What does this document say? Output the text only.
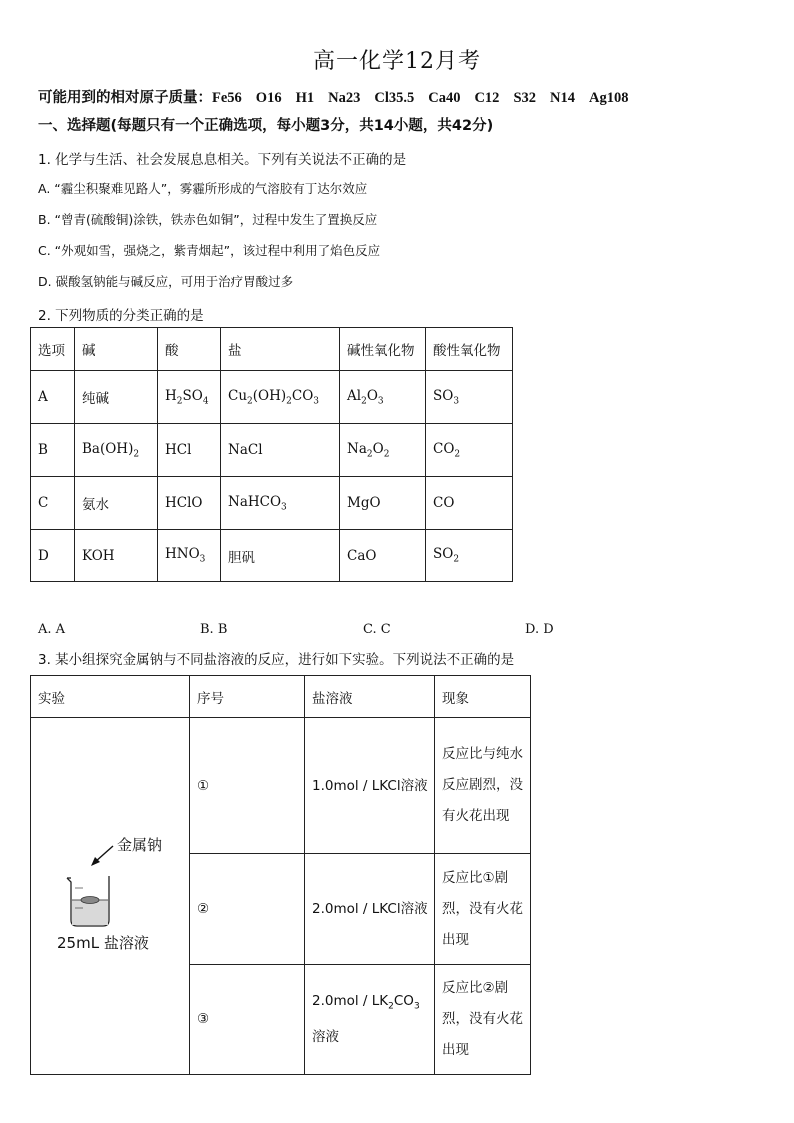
高一化学12月考
可能用到的相对原子质量：Fe56 O16 H1 Na23 Cl35.5 Ca40 C12 S32 N14 Ag108
一、选择题(每题只有一个正确选项，每小题3分，共14小题，共42分)
1. 化学与生活、社会发展息息相关。下列有关说法不正确的是
A. “霾尘积聚难见路人”，雾霾所形成的气溶胶有丁达尔效应
B. “曾青(硫酸铜)涂铁，铁赤色如铜”，过程中发生了置换反应
C. “外观如雪，强烧之，紫青烟起”，该过程中利用了焰色反应
D. 碳酸氢钠能与碱反应，可用于治疗胃酸过多
2. 下列物质的分类正确的是
选项	碱	酸	盐	碱性氧化物	酸性氧化物
A	纯碱	$H_2SO_4$	$Cu_2(OH)_2CO_3$	$Al_2O_3$	$SO_3$
B	$Ba(OH)_2$	HCl	NaCl	$Na_2O_2$	$CO_2$
C	氨水	HClO	NaHCO$_3$	MgO	CO
D	KOH	$HNO_3$	胆矾	CaO	$SO_2$
A. A	B. B	C. C	D. D
3. 某小组探究金属钠与不同盐溶液的反应，进行如下实验。下列说法不正确的是
实验	序号	盐溶液	现象

金属钠
25mL 盐溶液	①	1.0mol / LKCl溶液	反应比与纯水反应剧烈，没有火花出现
	②	2.0mol / LKCl溶液	反应比①剧烈，没有火花出现
	③	$2.0mol / LK_2CO_3$溶液	反应比②剧烈，没有火花出现
